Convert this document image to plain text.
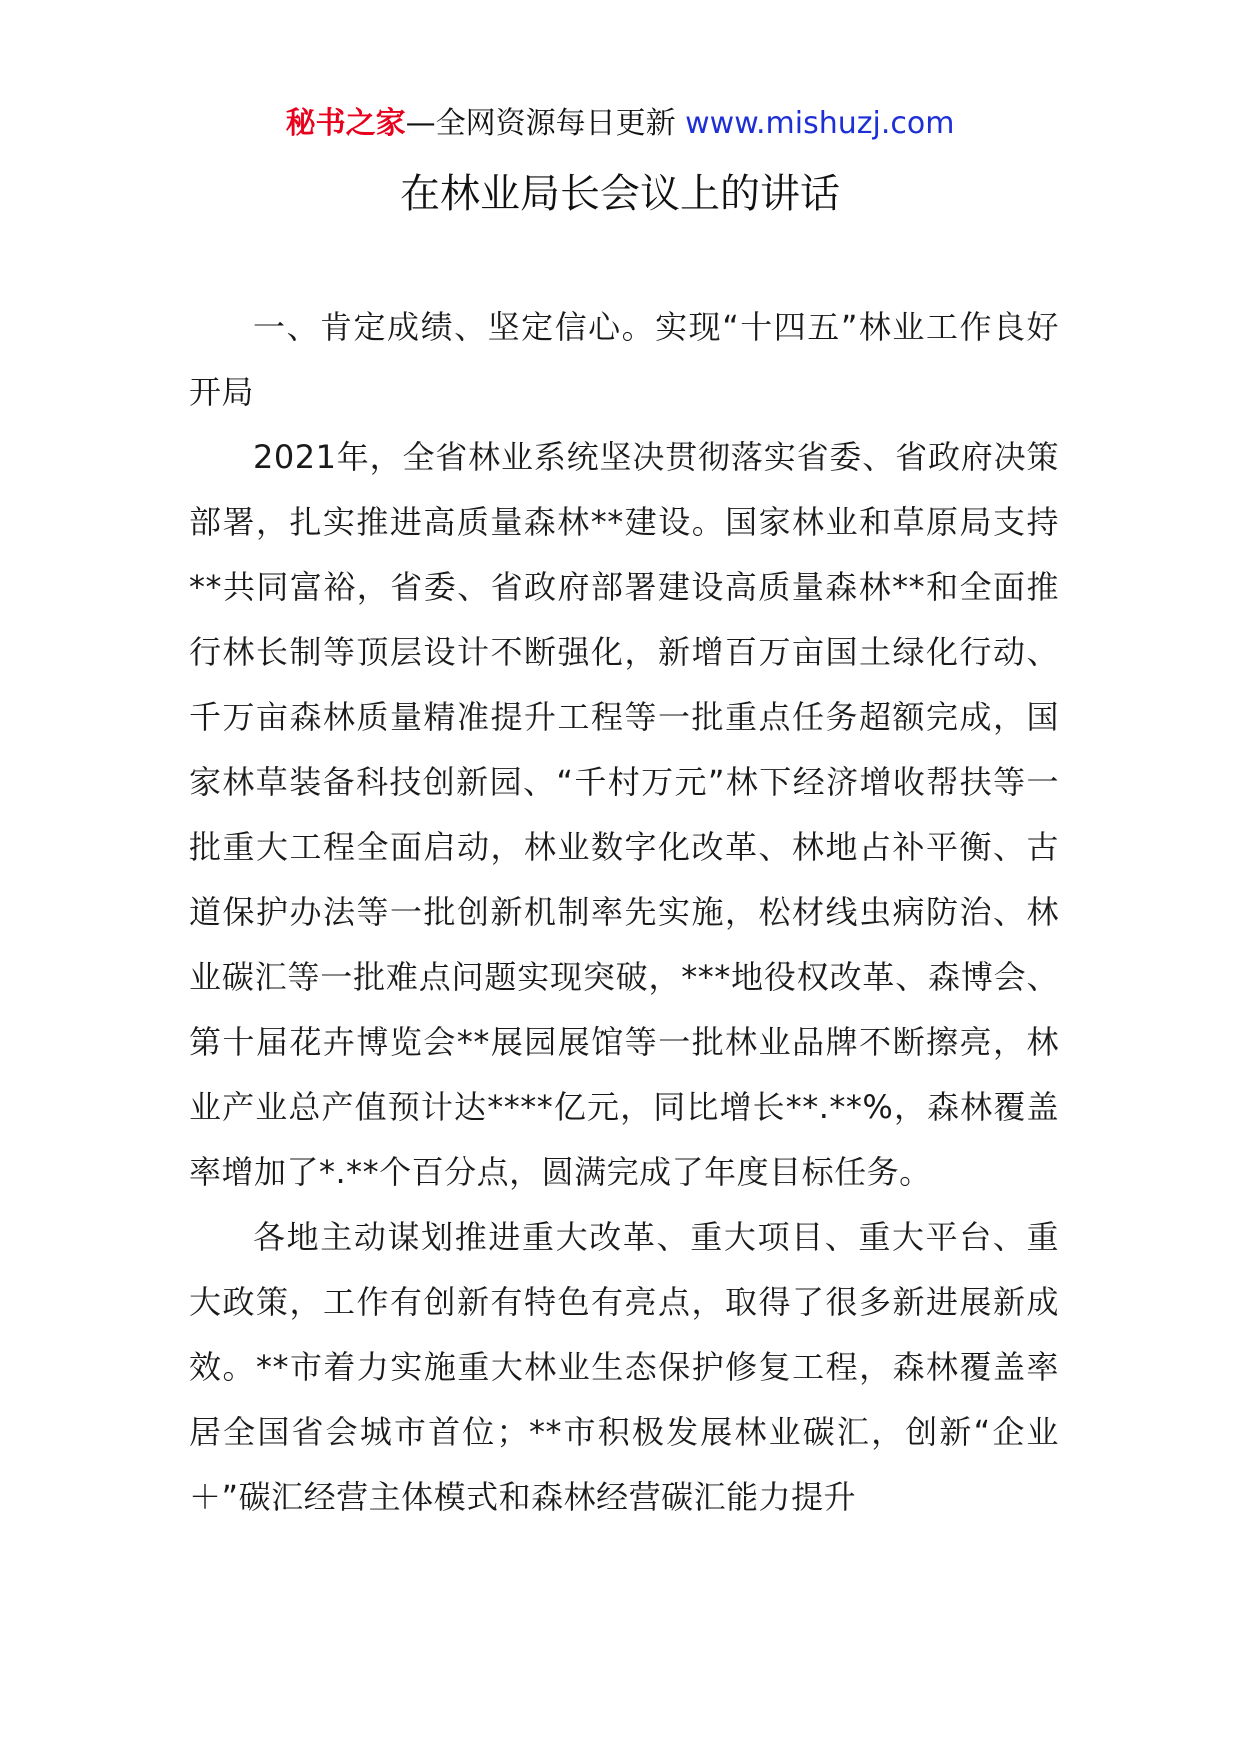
秘书之家—全网资源每日更新 www.mishuzj.com
在林业局长会议上的讲话

一、肯定成绩、坚定信心。实现“十四五”林业工作良好开局

2021年，全省林业系统坚决贯彻落实省委、省政府决策部署，扎实推进高质量森林**建设。国家林业和草原局支持**共同富裕，省委、省政府部署建设高质量森林**和全面推行林长制等顶层设计不断强化，新增百万亩国土绿化行动、千万亩森林质量精准提升工程等一批重点任务超额完成，国家林草装备科技创新园、“千村万元”林下经济增收帮扶等一批重大工程全面启动，林业数字化改革、林地占补平衡、古道保护办法等一批创新机制率先实施，松材线虫病防治、林业碳汇等一批难点问题实现突破，***地役权改革、森博会、第十届花卉博览会**展园展馆等一批林业品牌不断擦亮，林业产业总产值预计达****亿元，同比增长**.**%，森林覆盖率增加了*.**个百分点，圆满完成了年度目标任务。

各地主动谋划推进重大改革、重大项目、重大平台、重大政策，工作有创新有特色有亮点，取得了很多新进展新成效。**市着力实施重大林业生态保护修复工程，森林覆盖率居全国省会城市首位；**市积极发展林业碳汇，创新“企业＋”碳汇经营主体模式和森林经营碳汇能力提升
